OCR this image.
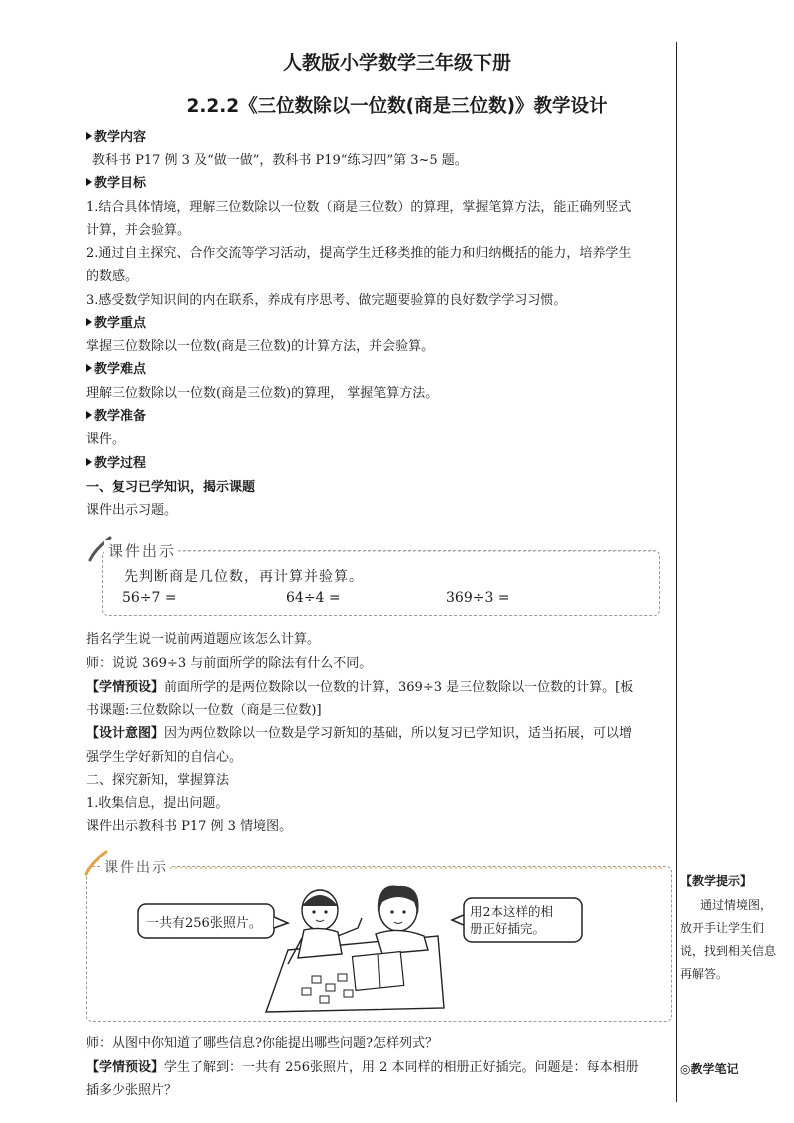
人教版小学数学三年级下册
2.2.2《三位数除以一位数(商是三位数)》教学设计
教学内容
教科书 P17 例 3 及“做一做”，教科书 P19“练习四”第 3~5 题。
教学目标
1.结合具体情境，理解三位数除以一位数（商是三位数）的算理，掌握笔算方法，能正确列竖式
计算，并会验算。
2.通过自主探究、合作交流等学习活动，提高学生迁移类推的能力和归纳概括的能力，培养学生
的数感。
3.感受数学知识间的内在联系，养成有序思考、做完题要验算的良好数学学习习惯。
教学重点
掌握三位数除以一位数(商是三位数)的计算方法，并会验算。
教学难点
理解三位数除以一位数(商是三位数)的算理， 掌握笔算方法。
教学准备
课件。
教学过程
一、复习已学知识，揭示课题
课件出示习题。
课件出示
先判断商是几位数，再计算并验算。
56÷7 =	64÷4 =	369÷3 =
指名学生说一说前两道题应该怎么计算。
师：说说 369÷3 与前面所学的除法有什么不同。
【学情预设】前面所学的是两位数除以一位数的计算，369÷3 是三位数除以一位数的计算。[板
书课题:三位数除以一位数（商是三位数)]
【设计意图】因为两位数除以一位数是学习新知的基础，所以复习已学知识，适当拓展，可以增
强学生学好新知的自信心。
二、探究新知，掌握算法
1.收集信息，提出问题。
课件出示教科书 P17 例 3 情境图。
课件出示
一共有256张照片。
用2本这样的相
册正好插完。
师：从图中你知道了哪些信息?你能提出哪些问题?怎样列式？
【学情预设】学生了解到：一共有 256张照片，用 2 本同样的相册正好插完。问题是：每本相册
插多少张照片？
【教学提示】
通过情境图，
放开手让学生们
说，找到相关信息
再解答。
◎教学笔记
